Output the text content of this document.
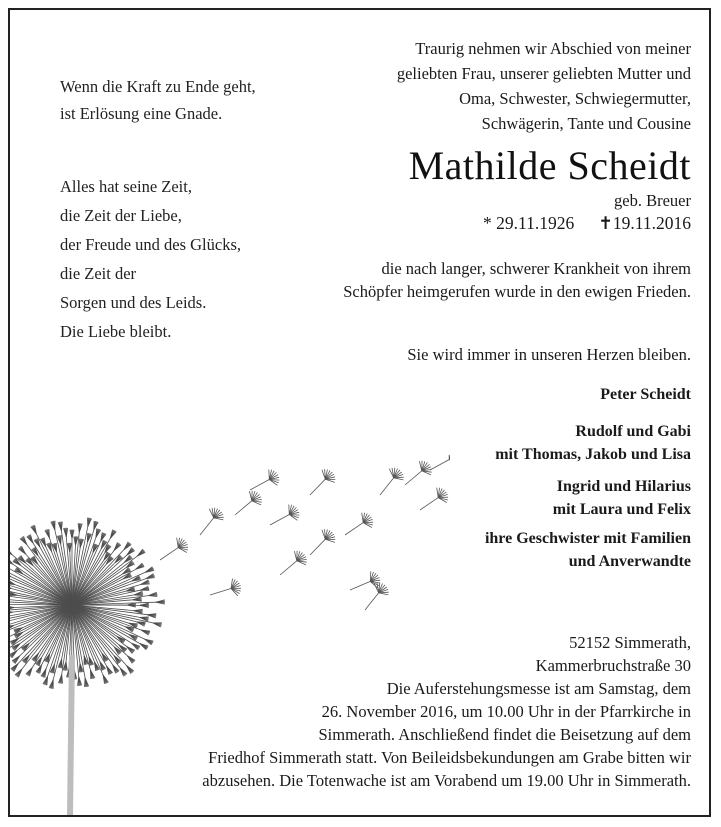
Wenn die Kraft zu Ende geht,
ist Erlösung eine Gnade.
Alles hat seine Zeit,
die Zeit der Liebe,
der Freude und des Glücks,
die Zeit der
Sorgen und des Leids.
Die Liebe bleibt.
Traurig nehmen wir Abschied von meiner
geliebten Frau, unserer geliebten Mutter und
Oma, Schwester, Schwiegermutter,
Schwägerin, Tante und Cousine
Mathilde Scheidt
geb. Breuer
* 29.11.1926 ✝19.11.2016
die nach langer, schwerer Krankheit von ihrem
Schöpfer heimgerufen wurde in den ewigen Frieden.
Sie wird immer in unseren Herzen bleiben.
Peter Scheidt
Rudolf und Gabi
mit Thomas, Jakob und Lisa
Ingrid und Hilarius
mit Laura und Felix
ihre Geschwister mit Familien
und Anverwandte
52152 Simmerath,
Kammerbruchstraße 30
Die Auferstehungsmesse ist am Samstag, dem
26. November 2016, um 10.00 Uhr in der Pfarrkirche in
Simmerath. Anschließend findet die Beisetzung auf dem
Friedhof Simmerath statt. Von Beileidsbekundungen am Grabe bitten wir
abzusehen. Die Totenwache ist am Vorabend um 19.00 Uhr in Simmerath.
